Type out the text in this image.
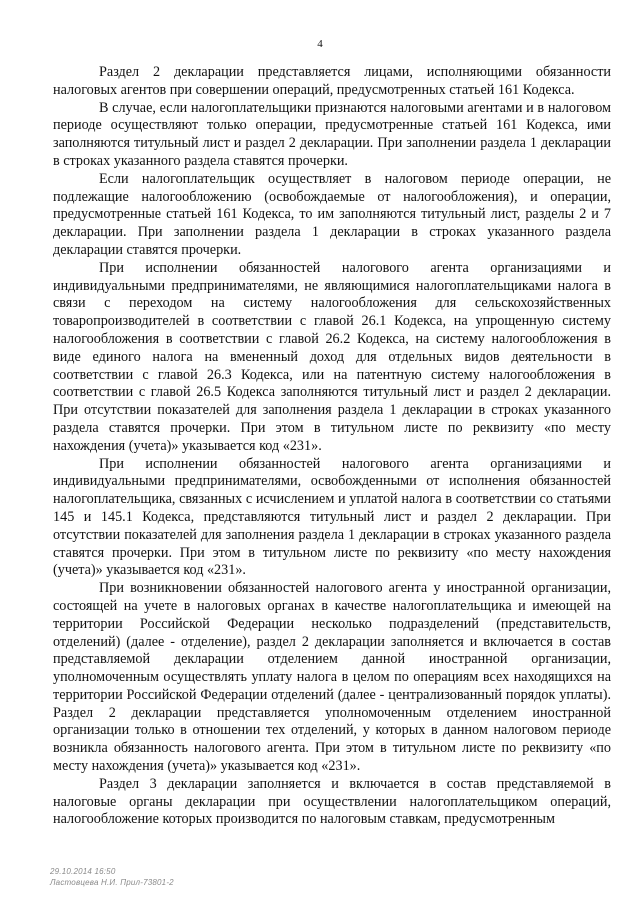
4

Раздел 2 декларации представляется лицами, исполняющими обязанности налоговых агентов при совершении операций, предусмотренных статьей 161 Кодекса.

В случае, если налогоплательщики признаются налоговыми агентами и в налоговом периоде осуществляют только операции, предусмотренные статьей 161 Кодекса, ими заполняются титульный лист и раздел 2 декларации. При заполнении раздела 1 декларации в строках указанного раздела ставятся прочерки.

Если налогоплательщик осуществляет в налоговом периоде операции, не подлежащие налогообложению (освобождаемые от налогообложения), и операции, предусмотренные статьей 161 Кодекса, то им заполняются титульный лист, разделы 2 и 7 декларации. При заполнении раздела 1 декларации в строках указанного раздела декларации ставятся прочерки.

При исполнении обязанностей налогового агента организациями и индивидуальными предпринимателями, не являющимися налогоплательщиками налога в связи с переходом на систему налогообложения для сельскохозяйственных товаропроизводителей в соответствии с главой 26.1 Кодекса, на упрощенную систему налогообложения в соответствии с главой 26.2 Кодекса, на систему налогообложения в виде единого налога на вмененный доход для отдельных видов деятельности в соответствии с главой 26.3 Кодекса, или на патентную систему налогообложения в соответствии с главой 26.5 Кодекса заполняются титульный лист и раздел 2 декларации. При отсутствии показателей для заполнения раздела 1 декларации в строках указанного раздела ставятся прочерки. При этом в титульном листе по реквизиту «по месту нахождения (учета)» указывается код «231».

При исполнении обязанностей налогового агента организациями и индивидуальными предпринимателями, освобожденными от исполнения обязанностей налогоплательщика, связанных с исчислением и уплатой налога в соответствии со статьями 145 и 145.1 Кодекса, представляются титульный лист и раздел 2 декларации. При отсутствии показателей для заполнения раздела 1 декларации в строках указанного раздела ставятся прочерки. При этом в титульном листе по реквизиту «по месту нахождения (учета)» указывается код «231».

При возникновении обязанностей налогового агента у иностранной организации, состоящей на учете в налоговых органах в качестве налогоплательщика и имеющей на территории Российской Федерации несколько подразделений (представительств, отделений) (далее - отделение), раздел 2 декларации заполняется и включается в состав представляемой декларации отделением данной иностранной организации, уполномоченным осуществлять уплату налога в целом по операциям всех находящихся на территории Российской Федерации отделений (далее - централизованный порядок уплаты). Раздел 2 декларации представляется уполномоченным отделением иностранной организации только в отношении тех отделений, у которых в данном налоговом периоде возникла обязанность налогового агента. При этом в титульном листе по реквизиту «по месту нахождения (учета)» указывается код «231».

Раздел 3 декларации заполняется и включается в состав представляемой в налоговые органы декларации при осуществлении налогоплательщиком операций, налогообложение которых производится по налоговым ставкам, предусмотренным

29.10.2014 16:50
Ластовцева Н.И. Прил-73801-2
